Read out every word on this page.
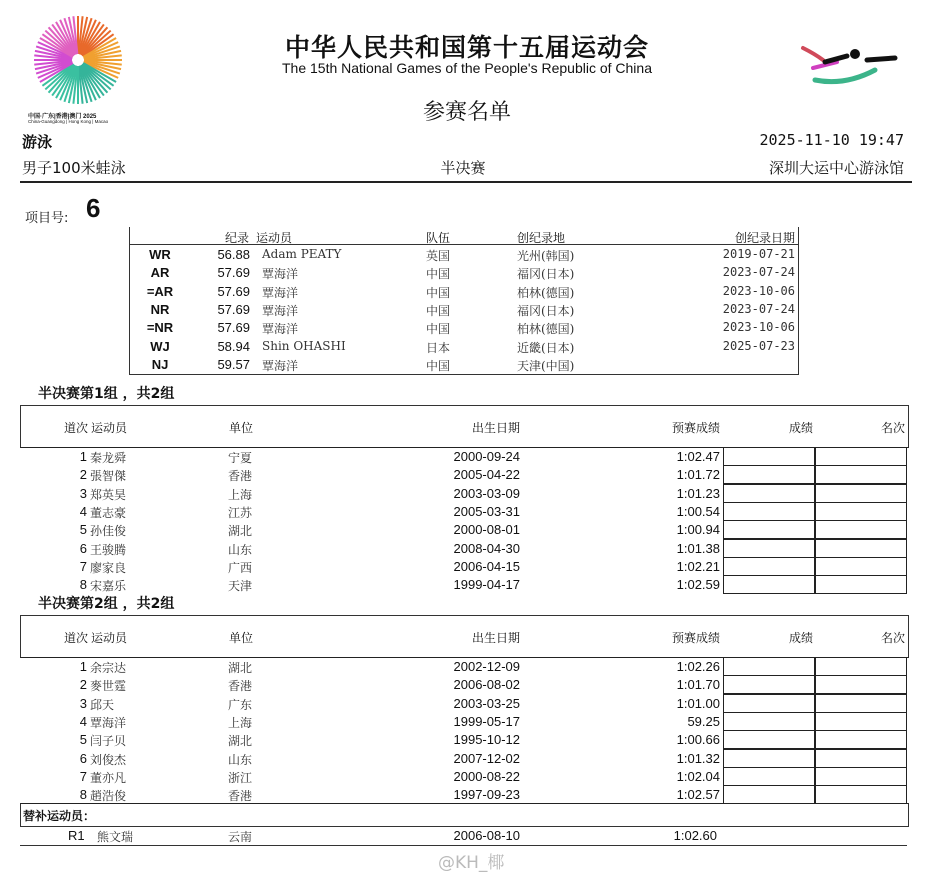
中国·广东|香港|澳门 2025
China-Guangdong | Hong Kong | Macao
中华人民共和国第十五届运动会
The 15th National Games of the People's Republic of China
参赛名单
游泳	2025-11-10 19:47
男子100米蛙泳	半决赛	深圳大运中心游泳馆
项目号: 6
纪录 运动员	队伍	创纪录地	创纪录日期
WR	56.88 Adam PEATY	英国	光州(韩国)	2019-07-21
AR	57.69 覃海洋	中国	福冈(日本)	2023-07-24
=AR	57.69 覃海洋	中国	柏林(德国)	2023-10-06
NR	57.69 覃海洋	中国	福冈(日本)	2023-07-24
=NR	57.69 覃海洋	中国	柏林(德国)	2023-10-06
WJ	58.94 Shin OHASHI	日本	近畿(日本)	2025-07-23
NJ	59.57 覃海洋	中国	天津(中国)
半决赛第1组 ，共2组
道次 运动员	单位	出生日期	预赛成绩	成绩	名次
1 秦龙舜	宁夏	2000-09-24	1:02.47
2 張智傑	香港	2005-04-22	1:01.72
3 郑英昊	上海	2003-03-09	1:01.23
4 董志豪	江苏	2005-03-31	1:00.54
5 孙佳俊	湖北	2000-08-01	1:00.94
6 王骏腾	山东	2008-04-30	1:01.38
7 廖家良	广西	2006-04-15	1:02.21
8 宋嘉乐	天津	1999-04-17	1:02.59
半决赛第2组 ，共2组
道次 运动员	单位	出生日期	预赛成绩	成绩	名次
1 余宗达	湖北	2002-12-09	1:02.26
2 麥世霆	香港	2006-08-02	1:01.70
3 邱天	广东	2003-03-25	1:01.00
4 覃海洋	上海	1999-05-17	59.25
5 闫子贝	湖北	1995-10-12	1:00.66
6 刘俊杰	山东	2007-12-02	1:01.32
7 董亦凡	浙江	2000-08-22	1:02.04
8 趙浩俊	香港	1997-09-23	1:02.57
替补运动员：
R1 熊文瑞	云南	2006-08-10	1:02.60
@KH_椰
